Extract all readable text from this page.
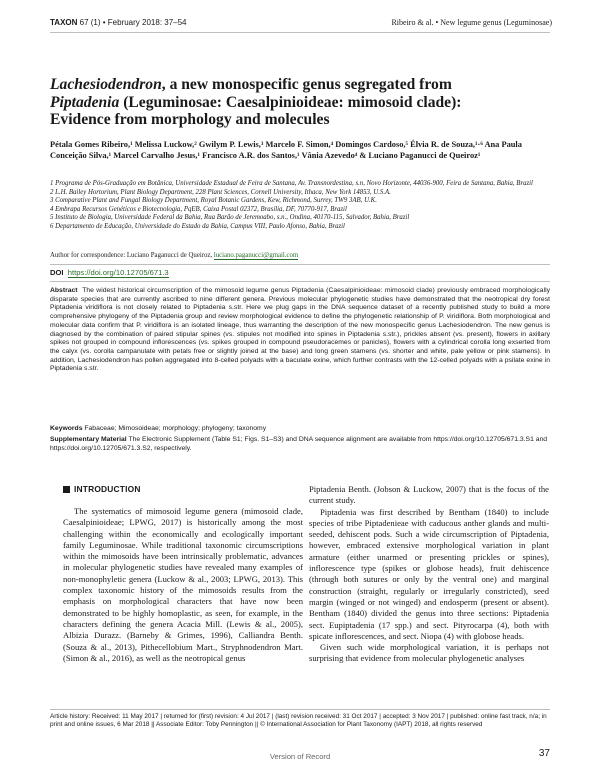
TAXON 67 (1) • February 2018: 37–54	Ribeiro & al. • New legume genus (Leguminosae)
Lachesiodendron, a new monospecific genus segregated from
Piptadenia (Leguminosae: Caesalpinioideae: mimosoid clade): Evidence from morphology and molecules

Pétala Gomes Ribeiro,¹ Melissa Luckow,² Gwilym P. Lewis,³ Marcelo F. Simon,⁴ Domingos Cardoso,⁵ Élvia R. de Souza,¹·⁶ Ana Paula Conceição Silva,¹ Marcel Carvalho Jesus,¹ Francisco A.R. dos Santos,¹ Vânia Azevedo⁴ & Luciano Paganucci de Queiroz¹

1 Programa de Pós-Graduação em Botânica, Universidade Estadual de Feira de Santana, Av. Transnordestina, s.n, Novo Horizonte, 44036-900, Feira de Santana, Bahia, Brazil
2 L.H. Bailey Hortorium, Plant Biology Department, 228 Plant Sciences, Cornell University, Ithaca, New York 14853, U.S.A.
3 Comparative Plant and Fungal Biology Department, Royal Botanic Gardens, Kew, Richmond, Surrey, TW9 3AB, U.K.
4 Embrapa Recursos Genéticos e Biotecnologia, PqEB, Caixa Postal 02372, Brasília, DF, 70770-917, Brazil
5 Instituto de Biologia, Universidade Federal da Bahia, Rua Barão de Jeremoabo, s.n., Ondina, 40170-115, Salvador, Bahia, Brazil
6 Departamento de Educação, Universidade do Estado da Bahia, Campus VIII, Paulo Afonso, Bahia, Brazil
Author for correspondence: Luciano Paganucci de Queiroz, luciano.paganucci@gmail.com
DOI https://doi.org/10.12705/671.3

Abstract The widest historical circumscription of the mimosoid legume genus Piptadenia (Caesalpinioideae: mimosoid clade) previously embraced morphologically disparate species that are currently ascribed to nine different genera. Previous molecular phylogenetic studies have demonstrated that the neotropical dry forest Piptadenia viridiflora is not closely related to Piptadenia s.str. Here we plug gaps in the DNA sequence dataset of a recently published study to build a more comprehensive phylogeny of the Piptadenia group and review morphological evidence to define the phylogenetic relationship of P. viridiflora. Both morphological and molecular data confirm that P. viridiflora is an isolated lineage, thus warranting the description of the new monospecific genus Lachesiodendron. The new genus is diagnosed by the combination of paired stipular spines (vs. stipules not modified into spines in Piptadenia s.str.), prickles absent (vs. present), flowers in axillary spikes not grouped in compound inflorescences (vs. spikes grouped in compound pseudoracemes or panicles), flowers with a cylindrical corolla long exserted from the calyx (vs. corolla campanulate with petals free or slightly joined at the base) and long green stamens (vs. shorter and white, pale yellow or pink stamens). In addition, Lachesiodendron has pollen aggregated into 8-celled polyads with a baculate exine, which further contrasts with the 12-celled polyads with a psilate exine in Piptadenia s.str.

Keywords Fabaceae; Mimosoideae; morphology; phylogeny; taxonomy
Supplementary Material The Electronic Supplement (Table S1; Figs. S1–S3) and DNA sequence alignment are available from https://doi.org/10.12705/671.3.S1 and https://doi.org/10.12705/671.3.S2, respectively.
INTRODUCTION

The systematics of mimosoid legume genera (mimosoid clade, Caesalpinioideae; LPWG, 2017) is historically among the most challenging within the economically and ecologically important family Leguminosae. While traditional taxonomic circumscriptions within the mimosoids have been intrinsically problematic, advances in molecular phylogenetic studies have revealed many examples of non-monophyletic genera (Luckow & al., 2003; LPWG, 2013). This complex taxonomic history of the mimosoids results from the emphasis on morphological characters that have now been demonstrated to be highly homoplastic, as seen, for example, in the characters defining the genera Acacia Mill. (Lewis & al., 2005), Albizia Durazz. (Barneby & Grimes, 1996), Calliandra Benth. (Souza & al., 2013), Pithecellobium Mart., Stryphnodendron Mart. (Simon & al., 2016), as well as the neotropical genus

Piptadenia Benth. (Jobson & Luckow, 2007) that is the focus of the current study.

Piptadenia was first described by Bentham (1840) to include species of tribe Piptadenieae with caducous anther glands and multi-seeded, dehiscent pods. Such a wide circumscription of Piptadenia, however, embraced extensive morphological variation in plant armature (either unarmed or presenting prickles or spines), inflorescence type (spikes or globose heads), fruit dehiscence (through both sutures or only by the ventral one) and marginal construction (straight, regularly or irregularly constricted), seed margin (winged or not winged) and endosperm (present or absent). Bentham (1840) divided the genus into three sections: Piptadenia sect. Eupiptadenia (17 spp.) and sect. Pityrocarpa (4), both with spicate inflorescences, and sect. Niopa (4) with globose heads.

Given such wide morphological variation, it is perhaps not surprising that evidence from molecular phylogenetic analyses

Article history: Received: 11 May 2017 | returned for (first) revision: 4 Jul 2017 | (last) revision received: 31 Oct 2017 | accepted: 3 Nov 2017 | published: online fast track, n/a; in print and online issues, 6 Mar 2018 || Associate Editor: Toby Pennington || © International Association for Plant Taxonomy (IAPT) 2018, all rights reserved
Version of Record	37
